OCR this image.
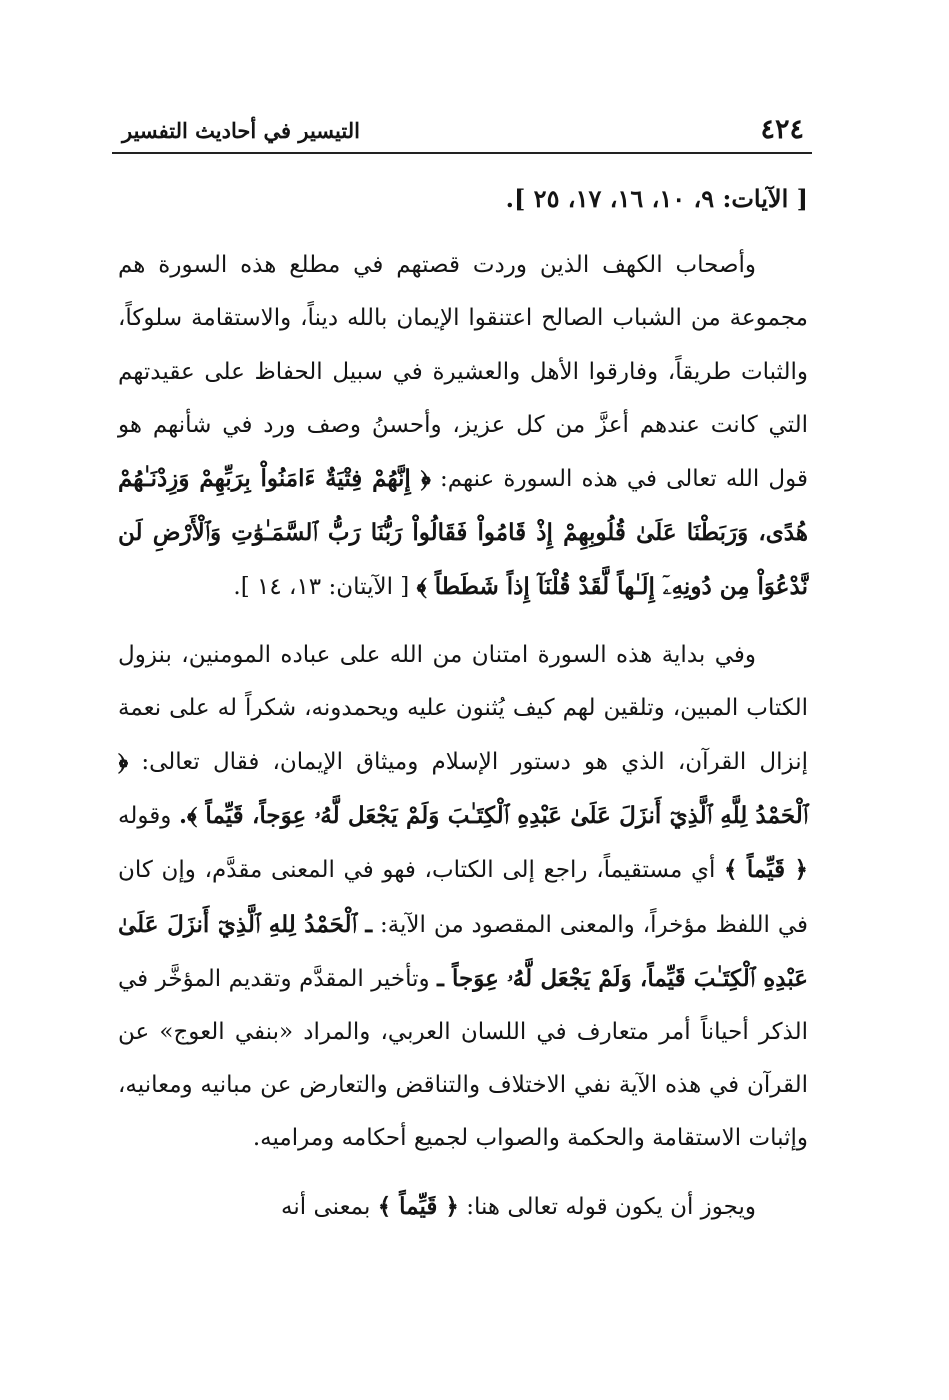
٤٢٤
التيسير في أحاديث التفسير

[ الآيات: ٩، ١٠، ١٦، ١٧، ٢٥ ].

وأصحاب الكهف الذين وردت قصتهم في مطلع هذه السورة هم مجموعة من الشباب الصالح اعتنقوا الإيمان بالله ديناً، والاستقامة سلوكاً، والثبات طريقاً، وفارقوا الأهل والعشيرة في سبيل الحفاظ على عقيدتهم التي كانت عندهم أعزَّ من كل عزيز، وأحسنُ وصف ورد في شأنهم هو قول الله تعالى في هذه السورة عنهم: ﴿ إِنَّهُمْ فِتْيَةٌ ءَامَنُواْ بِرَبِّهِمْ وَزِدْنَـٰهُمْ هُدًى، وَرَبَطْنَا عَلَىٰ قُلُوبِهِمْ إِذْ قَامُواْ فَقَالُواْ رَبُّنَا رَبُّ ٱلسَّمَـٰوَٰتِ وَٱلْأَرْضِ لَن نَّدْعُوَاْ مِن دُونِهِۦٓ إِلَـٰهاً لَّقَدْ قُلْنَآ إِذاً شَطَطاً ﴾ [ الآيتان: ١٣، ١٤ ].

وفي بداية هذه السورة امتنان من الله على عباده المومنين، بنزول الكتاب المبين، وتلقين لهم كيف يُثنون عليه ويحمدونه، شكراً له على نعمة إنزال القرآن، الذي هو دستور الإسلام وميثاق الإيمان، فقال تعالى: ﴿ ٱلْحَمْدُ لِلَّهِ ٱلَّذِيٓ أَنزَلَ عَلَىٰ عَبْدِهِ ٱلْكِتَـٰبَ وَلَمْ يَجْعَل لَّهُۥ عِوَجاً، قَيِّماً ﴾. وقوله ﴿ قَيِّماً ﴾ أي مستقيماً، راجع إلى الكتاب، فهو في المعنى مقدَّم، وإن كان في اللفظ مؤخراً، والمعنى المقصود من الآية: ـ ٱلْحَمْدُ لِلهِ ٱلَّذِيٓ أَنزَلَ عَلَىٰ عَبْدِهِ ٱلْكِتَـٰبَ قَيِّماً، وَلَمْ يَجْعَل لَّهُۥ عِوَجاً ـ وتأخير المقدَّم وتقديم المؤخَّر في الذكر أحياناً أمر متعارف في اللسان العربي، والمراد «بنفي العوج» عن القرآن في هذه الآية نفي الاختلاف والتناقض والتعارض عن مبانيه ومعانيه، وإثبات الاستقامة والحكمة والصواب لجميع أحكامه ومراميه.

ويجوز أن يكون قوله تعالى هنا: ﴿ قَيِّماً ﴾ بمعنى أنه
